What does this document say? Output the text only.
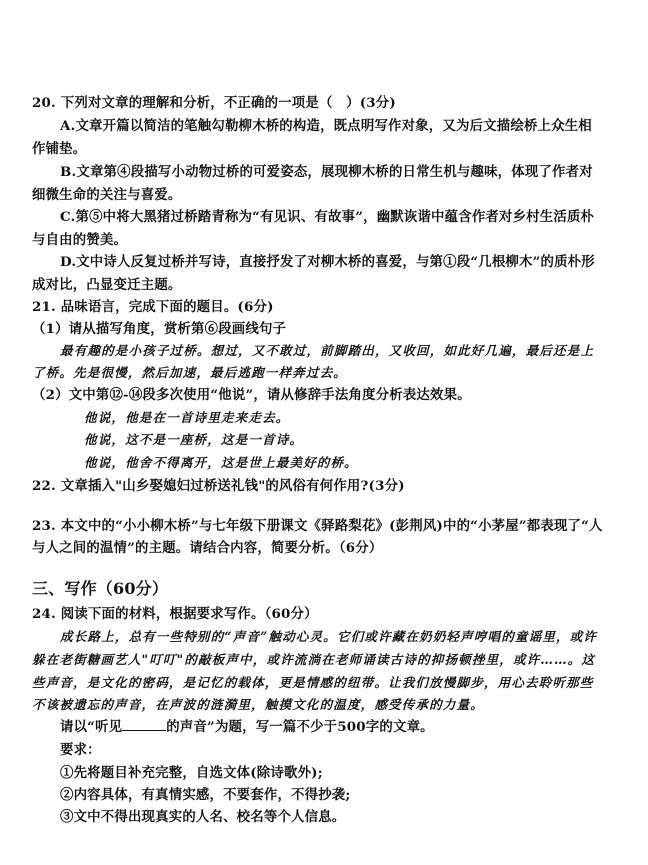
20. 下列对文章的理解和分析，不正确的一项是（　）(3分)
A.文章开篇以简洁的笔触勾勒柳木桥的构造，既点明写作对象，又为后文描绘桥上众生相
作铺垫。
B.文章第④段描写小动物过桥的可爱姿态，展现柳木桥的日常生机与趣味，体现了作者对
细微生命的关注与喜爱。
C.第⑤中将大黑猪过桥踏青称为“有见识、有故事”，幽默诙谐中蕴含作者对乡村生活质朴
与自由的赞美。
D.文中诗人反复过桥并写诗，直接抒发了对柳木桥的喜爱，与第①段“几根柳木”的质朴形
成对比，凸显变迁主题。
21. 品味语言，完成下面的题目。(6分)
（1）请从描写角度，赏析第⑥段画线句子
最有趣的是小孩子过桥。想过，又不敢过，前脚踏出，又收回，如此好几遍，最后还是上
了桥。先是很慢，然后加速，最后逃跑一样奔过去。
（2）文中第⑫-⑭段多次使用“他说”，请从修辞手法角度分析表达效果。
他说，他是在一首诗里走来走去。
他说，这不是一座桥，这是一首诗。
他说，他舍不得离开，这是世上最美好的桥。
22. 文章插入"山乡娶媳妇过桥送礼钱"的风俗有何作用?(3分)
23. 本文中的“小小柳木桥”与七年级下册课文《驿路梨花》(彭荆风)中的“小茅屋”都表现了“人
与人之间的温情”的主题。请结合内容，简要分析。（6分）
三、写作（60分）
24. 阅读下面的材料，根据要求写作。（60分）
成长路上，总有一些特别的“声音”触动心灵。它们或许藏在奶奶轻声哼唱的童谣里，或许
躲在老街糖画艺人"叮叮"的敲板声中，或许流淌在老师诵读古诗的抑扬顿挫里，或许……。这
些声音，是文化的密码，是记忆的载体，更是情感的纽带。让我们放慢脚步，用心去聆听那些
不该被遗忘的声音，在声波的涟漪里，触摸文化的温度，感受传承的力量。
请以“听见	的声音”为题，写一篇不少于500字的文章。
要求：
①先将题目补充完整，自选文体(除诗歌外);
②内容具体，有真情实感，不要套作，不得抄袭;
③文中不得出现真实的人名、校名等个人信息。
